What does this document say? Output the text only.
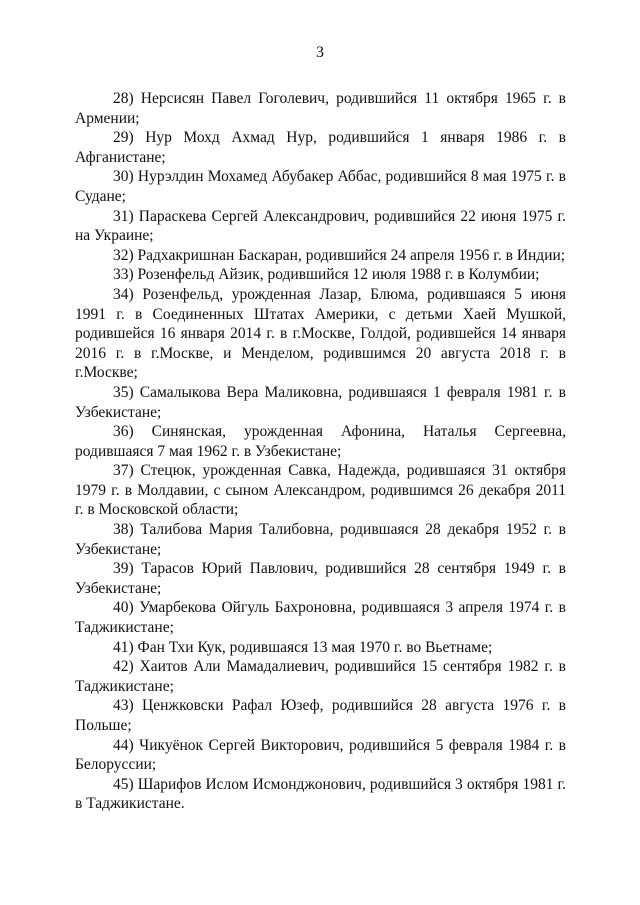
3

28) Нерсисян Павел Гоголевич, родившийся 11 октября 1965 г. в Армении;

29) Нур Мохд Ахмад Нур, родившийся 1 января 1986 г. в Афганистане;

30) Нурэлдин Мохамед Абубакер Аббас, родившийся 8 мая 1975 г. в Судане;

31) Параскева Сергей Александрович, родившийся 22 июня 1975 г. на Украине;

32) Радхакришнан Баскаран, родившийся 24 апреля 1956 г. в Индии;

33) Розенфельд Айзик, родившийся 12 июля 1988 г. в Колумбии;

34) Розенфельд, урожденная Лазар, Блюма, родившаяся 5 июня 1991 г. в Соединенных Штатах Америки, с детьми Хаей Мушкой, родившейся 16 января 2014 г. в г.Москве, Голдой, родившейся 14 января 2016 г. в г.Москве, и Менделом, родившимся 20 августа 2018 г. в г.Москве;

35) Самалыкова Вера Маликовна, родившаяся 1 февраля 1981 г. в Узбекистане;

36) Синянская, урожденная Афонина, Наталья Сергеевна, родившаяся 7 мая 1962 г. в Узбекистане;

37) Стецюк, урожденная Савка, Надежда, родившаяся 31 октября 1979 г. в Молдавии, с сыном Александром, родившимся 26 декабря 2011 г. в Московской области;

38) Талибова Мария Талибовна, родившаяся 28 декабря 1952 г. в Узбекистане;

39) Тарасов Юрий Павлович, родившийся 28 сентября 1949 г. в Узбекистане;

40) Умарбекова Ойгуль Бахроновна, родившаяся 3 апреля 1974 г. в Таджикистане;

41) Фан Тхи Кук, родившаяся 13 мая 1970 г. во Вьетнаме;

42) Хаитов Али Мамадалиевич, родившийся 15 сентября 1982 г. в Таджикистане;

43) Ценжковски Рафал Юзеф, родившийся 28 августа 1976 г. в Польше;

44) Чикуёнок Сергей Викторович, родившийся 5 февраля 1984 г. в Белоруссии;

45) Шарифов Ислом Исмонджонович, родившийся 3 октября 1981 г. в Таджикистане.
